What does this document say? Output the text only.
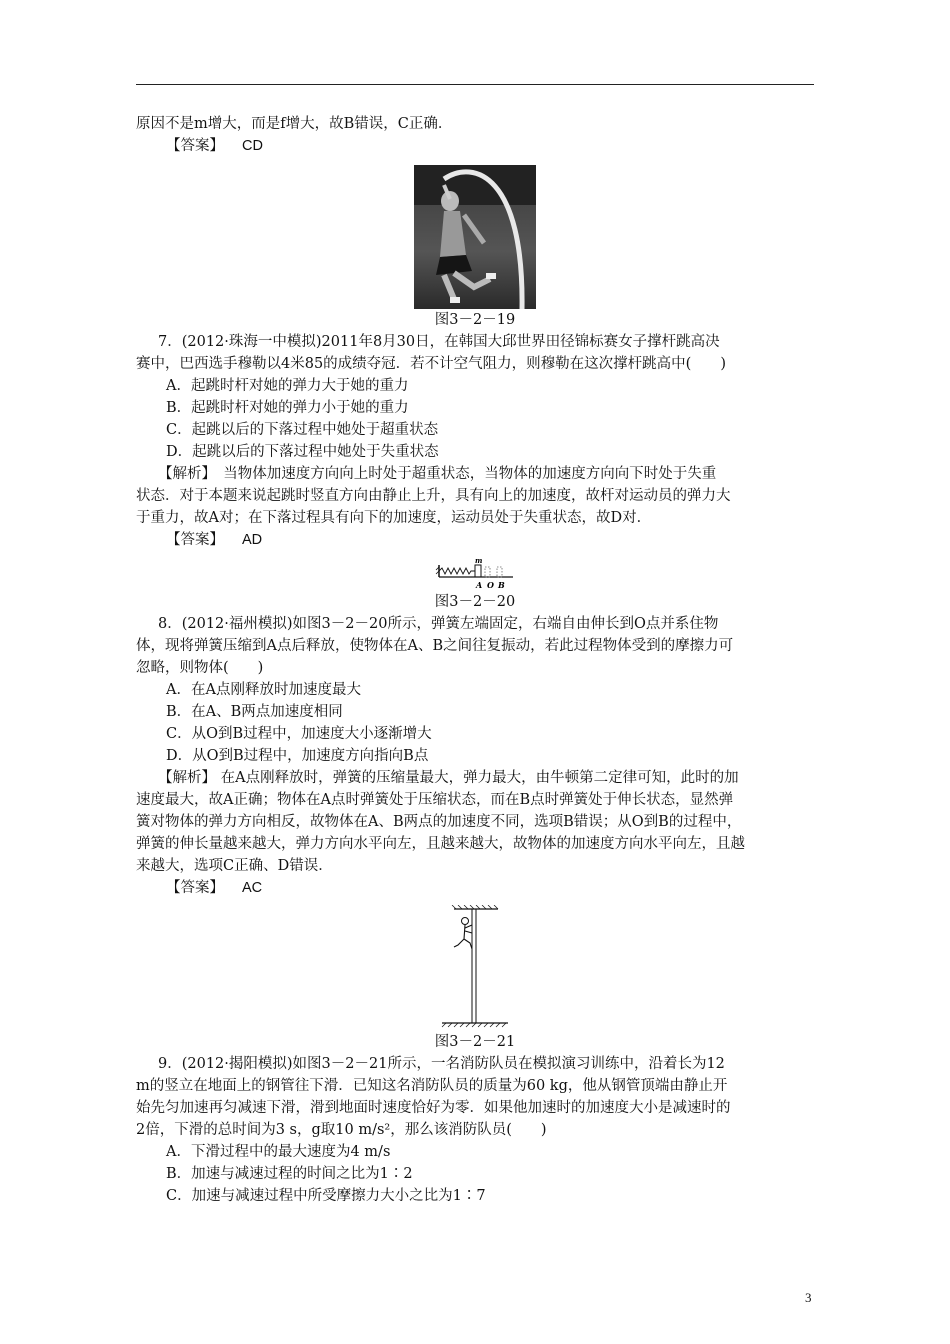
原因不是m增大，而是f增大，故B错误，C正确．
【答案】 CD
图3－2－19
7．(2012·珠海一中模拟)2011年8月30日，在韩国大邱世界田径锦标赛女子撑杆跳高决
赛中，巴西选手穆勒以4米85的成绩夺冠．若不计空气阻力，则穆勒在这次撑杆跳高中(　　)
A．起跳时杆对她的弹力大于她的重力
B．起跳时杆对她的弹力小于她的重力
C．起跳以后的下落过程中她处于超重状态
D．起跳以后的下落过程中她处于失重状态
【解析】　当物体加速度方向向上时处于超重状态，当物体的加速度方向向下时处于失重
状态．对于本题来说起跳时竖直方向由静止上升，具有向上的加速度，故杆对运动员的弹力大
于重力，故A对；在下落过程具有向下的加速度，运动员处于失重状态，故D对．
【答案】 AD
m
A O B
图3－2－20
8．(2012·福州模拟)如图3－2－20所示，弹簧左端固定，右端自由伸长到O点并系住物
体，现将弹簧压缩到A点后释放，使物体在A、B之间往复振动，若此过程物体受到的摩擦力可
忽略，则物体(　　)
A．在A点刚释放时加速度最大
B．在A、B两点加速度相同
C．从O到B过程中，加速度大小逐渐增大
D．从O到B过程中，加速度方向指向B点
【解析】 在A点刚释放时，弹簧的压缩量最大，弹力最大，由牛顿第二定律可知，此时的加
速度最大，故A正确；物体在A点时弹簧处于压缩状态，而在B点时弹簧处于伸长状态，显然弹
簧对物体的弹力方向相反，故物体在A、B两点的加速度不同，选项B错误；从O到B的过程中，
弹簧的伸长量越来越大，弹力方向水平向左，且越来越大，故物体的加速度方向水平向左，且越
来越大，选项C正确、D错误．
【答案】 AC
图3－2－21
9．(2012·揭阳模拟)如图3－2－21所示，一名消防队员在模拟演习训练中，沿着长为12
m的竖立在地面上的钢管往下滑．已知这名消防队员的质量为60 kg，他从钢管顶端由静止开
始先匀加速再匀减速下滑，滑到地面时速度恰好为零．如果他加速时的加速度大小是减速时的
2倍，下滑的总时间为3 s，g取10 m/s²，那么该消防队员(　　)
A．下滑过程中的最大速度为4 m/s
B．加速与减速过程的时间之比为1∶2
C．加速与减速过程中所受摩擦力大小之比为1∶7
3
